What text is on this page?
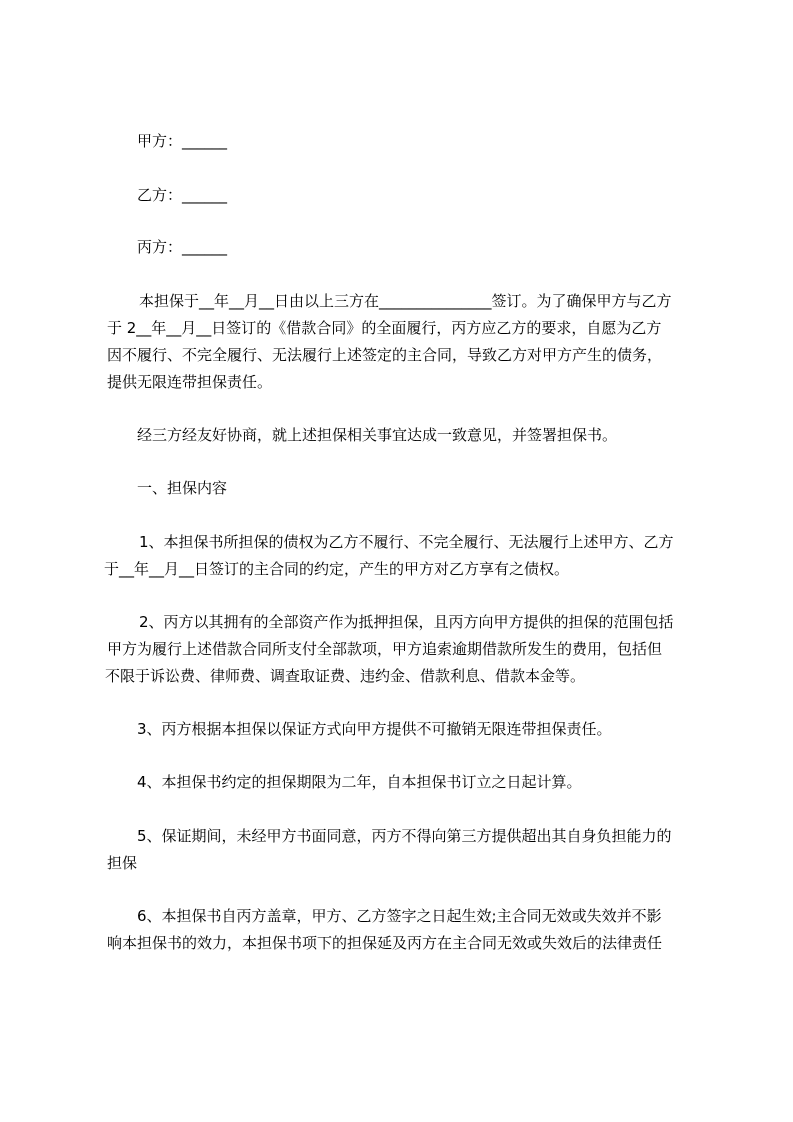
甲方：______
乙方：______
丙方：______
本担保于__年__月__日由以上三方在_______________签订。为了确保甲方与乙方
于 2__年__月__日签订的《借款合同》的全面履行，丙方应乙方的要求，自愿为乙方
因不履行、不完全履行、无法履行上述签定的主合同，导致乙方对甲方产生的债务，
提供无限连带担保责任。
经三方经友好协商，就上述担保相关事宜达成一致意见，并签署担保书。
一、担保内容
1、本担保书所担保的债权为乙方不履行、不完全履行、无法履行上述甲方、乙方
于__年__月__日签订的主合同的约定，产生的甲方对乙方享有之债权。
2、丙方以其拥有的全部资产作为抵押担保，且丙方向甲方提供的担保的范围包括
甲方为履行上述借款合同所支付全部款项，甲方追索逾期借款所发生的费用，包括但
不限于诉讼费、律师费、调查取证费、违约金、借款利息、借款本金等。
3、丙方根据本担保以保证方式向甲方提供不可撤销无限连带担保责任。
4、本担保书约定的担保期限为二年，自本担保书订立之日起计算。
5、保证期间，未经甲方书面同意，丙方不得向第三方提供超出其自身负担能力的
担保
6、本担保书自丙方盖章，甲方、乙方签字之日起生效;主合同无效或失效并不影
响本担保书的效力，本担保书项下的担保延及丙方在主合同无效或失效后的法律责任
